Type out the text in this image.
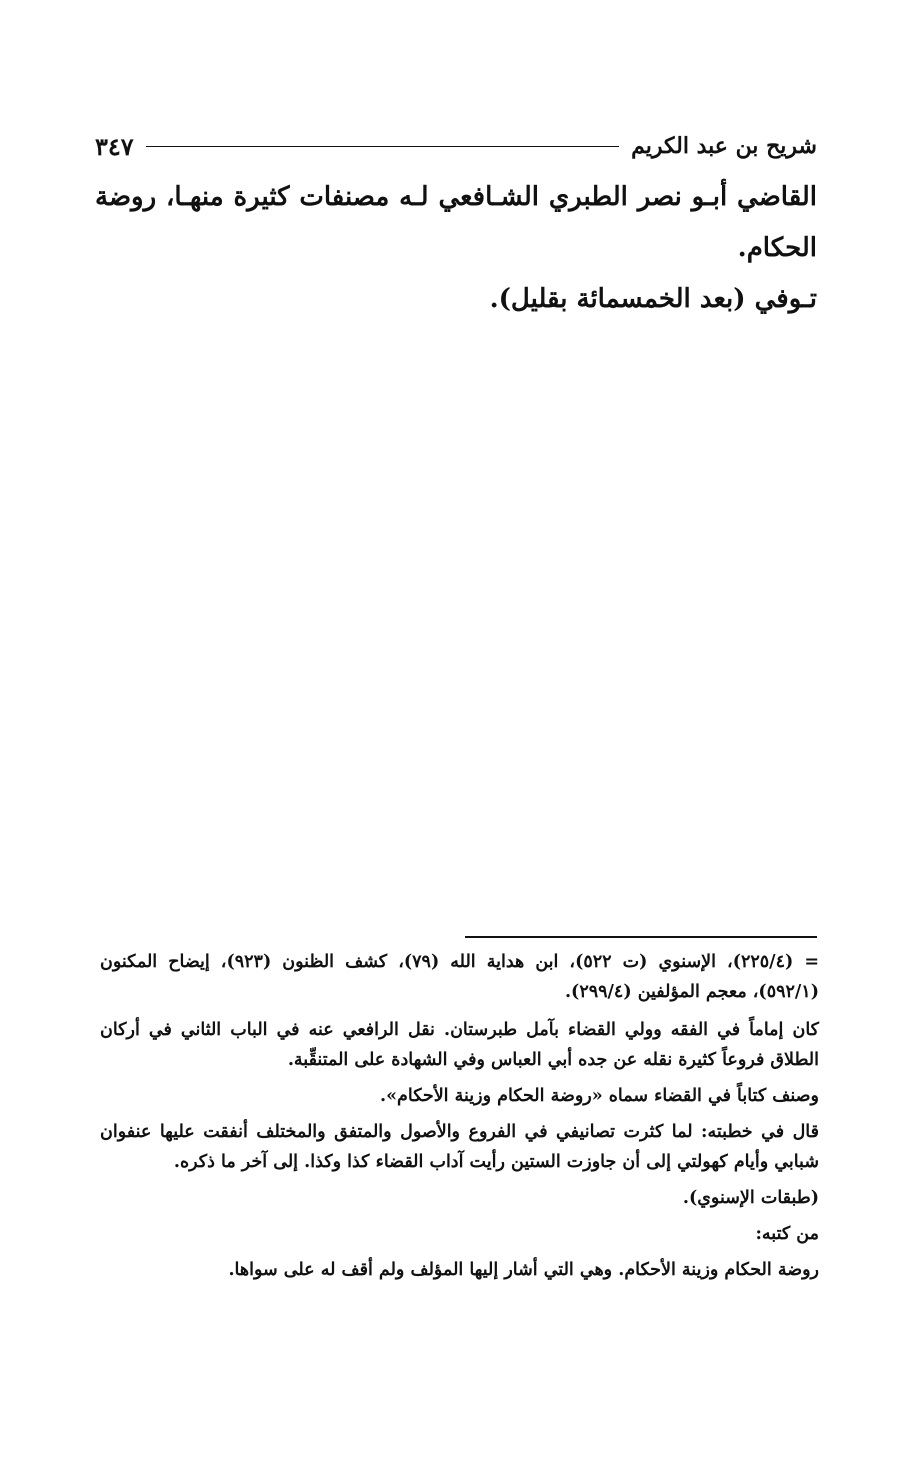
شريح بن عبد الكريم
٣٤٧

القاضي أبـو نصر الطبري الشـافعي لـه مصنفات كثيرة منهـا، روضة الحكام.

تـوفي (بعد الخمسمائة بقليل).

= (٢٢٥/٤)، الإسنوي (ت ٥٢٢)، ابن هداية الله (٧٩)، كشف الظنون (٩٢٣)، إيضاح المكنون (٥٩٢/١)، معجم المؤلفين (٢٩٩/٤).

كان إماماً في الفقه وولي القضاء بآمل طبرستان. نقل الرافعي عنه في الباب الثاني في أركان الطلاق فروعاً كثيرة نقله عن جده أبي العباس وفي الشهادة على المتنقِّبة.

وصنف كتاباً في القضاء سماه «روضة الحكام وزينة الأحكام».

قال في خطبته: لما كثرت تصانيفي في الفروع والأصول والمتفق والمختلف أنفقت عليها عنفوان شبابي وأيام كهولتي إلى أن جاوزت الستين رأيت آداب القضاء كذا وكذا. إلى آخر ما ذكره.

(طبقات الإسنوي).

من كتبه:

روضة الحكام وزينة الأحكام. وهي التي أشار إليها المؤلف ولم أقف له على سواها.
